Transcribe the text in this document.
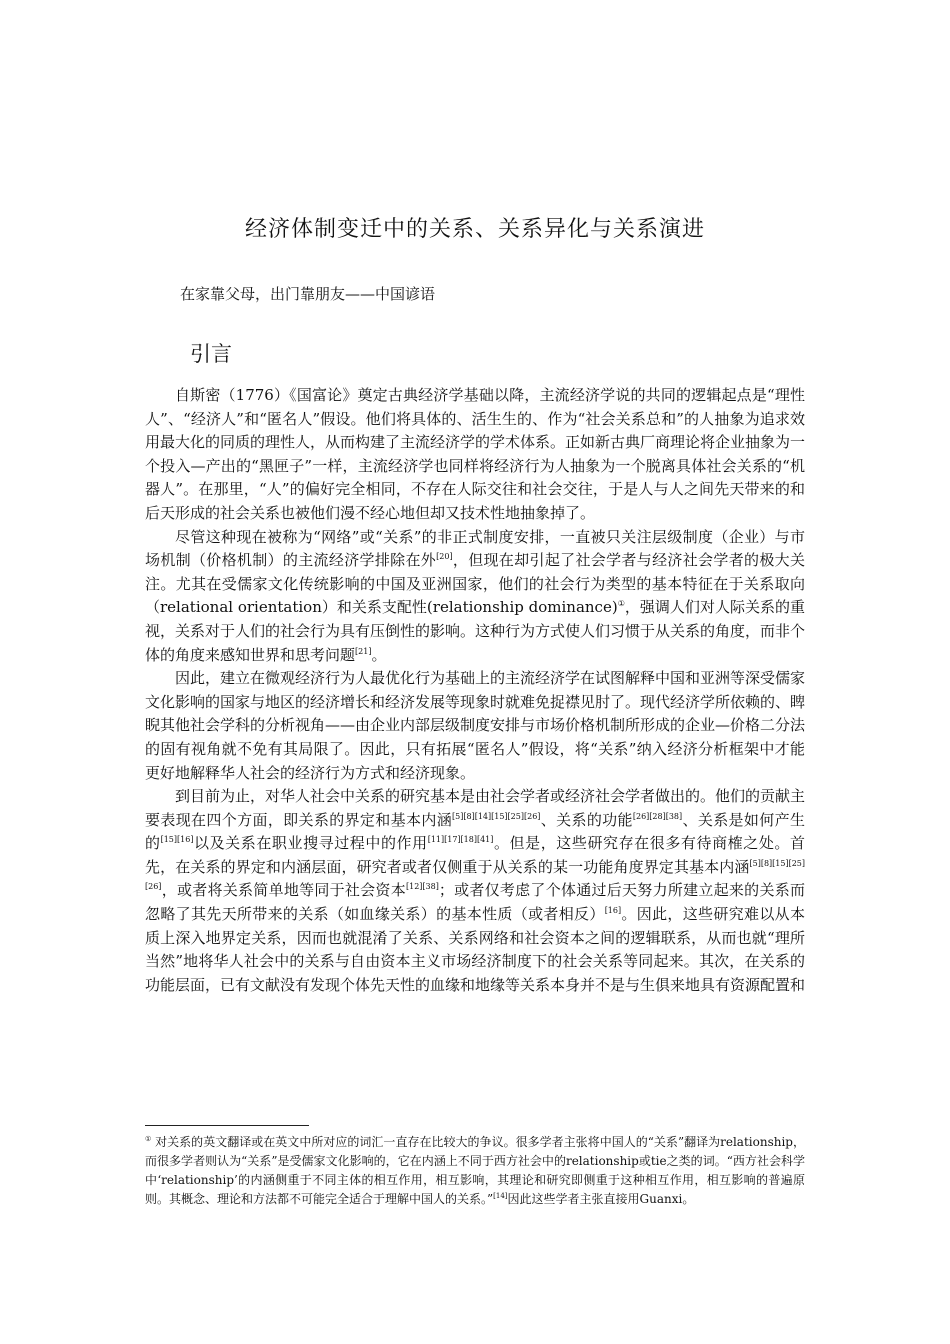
经济体制变迁中的关系、关系异化与关系演进
在家靠父母，出门靠朋友——中国谚语
引言

自斯密（1776）《国富论》奠定古典经济学基础以降，主流经济学说的共同的逻辑起点是“理性人”、“经济人”和“匿名人”假设。他们将具体的、活生生的、作为“社会关系总和”的人抽象为追求效用最大化的同质的理性人，从而构建了主流经济学的学术体系。正如新古典厂商理论将企业抽象为一个投入—产出的“黑匣子”一样，主流经济学也同样将经济行为人抽象为一个脱离具体社会关系的“机器人”。在那里，“人”的偏好完全相同，不存在人际交往和社会交往，于是人与人之间先天带来的和后天形成的社会关系也被他们漫不经心地但却又技术性地抽象掉了。

尽管这种现在被称为“网络”或“关系”的非正式制度安排，一直被只关注层级制度（企业）与市场机制（价格机制）的主流经济学排除在外[20]，但现在却引起了社会学者与经济社会学者的极大关注。尤其在受儒家文化传统影响的中国及亚洲国家，他们的社会行为类型的基本特征在于关系取向（relational orientation）和关系支配性(relationship dominance)①，强调人们对人际关系的重视，关系对于人们的社会行为具有压倒性的影响。这种行为方式使人们习惯于从关系的角度，而非个体的角度来感知世界和思考问题[21]。

因此，建立在微观经济行为人最优化行为基础上的主流经济学在试图解释中国和亚洲等深受儒家文化影响的国家与地区的经济增长和经济发展等现象时就难免捉襟见肘了。现代经济学所依赖的、睥睨其他社会学科的分析视角——由企业内部层级制度安排与市场价格机制所形成的企业—价格二分法的固有视角就不免有其局限了。因此，只有拓展“匿名人”假设，将“关系”纳入经济分析框架中才能更好地解释华人社会的经济行为方式和经济现象。

到目前为止，对华人社会中关系的研究基本是由社会学者或经济社会学者做出的。他们的贡献主要表现在四个方面，即关系的界定和基本内涵[5][8][14][15][25][26]、关系的功能[26][28][38]、关系是如何产生的[15][16]以及关系在职业搜寻过程中的作用[11][17][18][41]。但是，这些研究存在很多有待商榷之处。首先，在关系的界定和内涵层面，研究者或者仅侧重于从关系的某一功能角度界定其基本内涵[5][8][15][25][26]，或者将关系简单地等同于社会资本[12][38]；或者仅考虑了个体通过后天努力所建立起来的关系而忽略了其先天所带来的关系（如血缘关系）的基本性质（或者相反）[16]。因此，这些研究难以从本质上深入地界定关系，因而也就混淆了关系、关系网络和社会资本之间的逻辑联系，从而也就“理所当然”地将华人社会中的关系与自由资本主义市场经济制度下的社会关系等同起来。其次，在关系的功能层面，已有文献没有发现个体先天性的血缘和地缘等关系本身并不是与生俱来地具有资源配置和

① 对关系的英文翻译或在英文中所对应的词汇一直存在比较大的争议。很多学者主张将中国人的“关系”翻译为relationship，而很多学者则认为“关系”是受儒家文化影响的，它在内涵上不同于西方社会中的relationship或tie之类的词。“西方社会科学中‘relationship’的内涵侧重于不同主体的相互作用，相互影响，其理论和研究即侧重于这种相互作用，相互影响的普遍原则。其概念、理论和方法都不可能完全适合于理解中国人的关系。”[14]因此这些学者主张直接用Guanxi。
